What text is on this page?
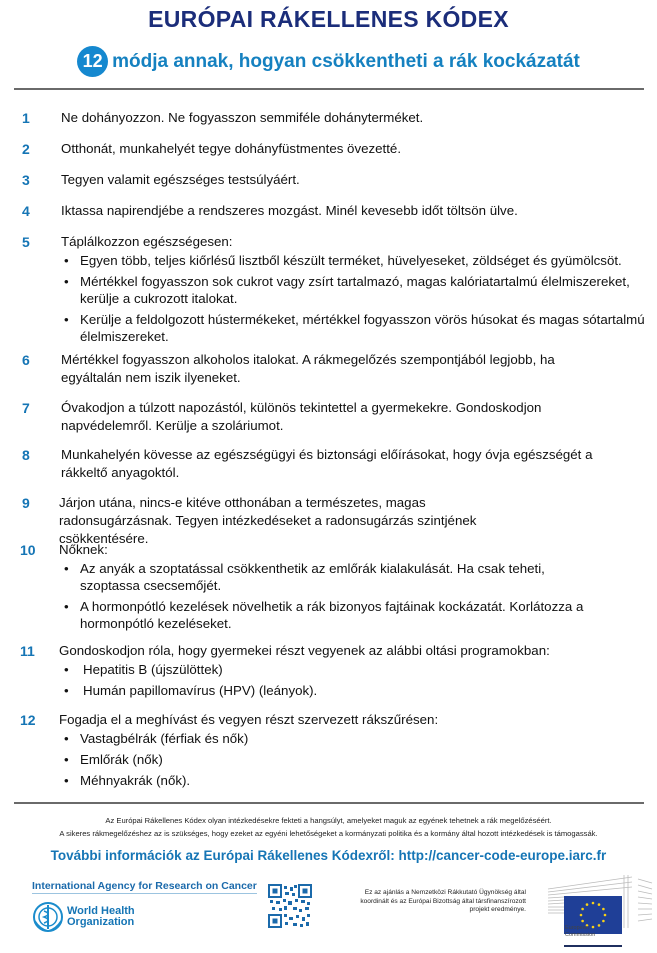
EURÓPAI RÁKELLENES KÓDEX
12 módja annak, hogyan csökkentheti a rák kockázatát
1 Ne dohányozzon. Ne fogyasszon semmiféle dohányterméket.
2 Otthonát, munkahelyét tegye dohányfüstmentes övezetté.
3 Tegyen valamit egészséges testsúlyáért.
4 Iktassa napirendjébe a rendszeres mozgást. Minél kevesebb időt töltsön ülve.
5 Táplálkozzon egészségesen:
• Egyen több, teljes kiőrlésű lisztből készült terméket, hüvelyeseket, zöldséget és gyümölcsöt.
• Mértékkel fogyasszon sok cukrot vagy zsírt tartalmazó, magas kalóriatartalmú élelmiszereket, kerülje a cukrozott italokat.
• Kerülje a feldolgozott hústermékeket, mértékkel fogyasszon vörös húsokat és magas sótartalmú élelmiszereket.
6 Mértékkel fogyasszon alkoholos italokat. A rákmegelőzés szempontjából legjobb, ha egyáltalán nem iszik ilyeneket.
7 Óvakodjon a túlzott napozástól, különös tekintettel a gyermekekre. Gondoskodjon napvédelemről. Kerülje a szoláriumot.
8 Munkahelyén kövesse az egészségügyi és biztonsági előírásokat, hogy óvja egészségét a rákkeltő anyagoktól.
9 Járjon utána, nincs-e kitéve otthonában a természetes, magas radonsugárzásnak. Tegyen intézkedéseket a radonsugárzás szintjének csökkentésére.
10 Nőknek:
• Az anyák a szoptatással csökkenthetik az emlőrák kialakulását. Ha csak teheti, szoptassa csecsemőjét.
• A hormonpótló kezelések növelhetik a rák bizonyos fajtáinak kockázatát. Korlátozza a hormonpótló kezeléseket.
11 Gondoskodjon róla, hogy gyermekei részt vegyenek az alábbi oltási programokban:
• Hepatitis B (újszülöttek)
• Humán papillomavírus (HPV) (leányok).
12 Fogadja el a meghívást és vegyen részt szervezett rákszűrésen:
• Vastagbélrák (férfiak és nők)
• Emlőrák (nők)
• Méhnyakrák (nők).
Az Európai Rákellenes Kódex olyan intézkedésekre fekteti a hangsúlyt, amelyeket maguk az egyének tehetnek a rák megelőzéséért.
A sikeres rákmegelőzéshez az is szükséges, hogy ezeket az egyéni lehetőségeket a kormányzati politika és a kormány által hozott intézkedések is támogassák.
További információk az Európai Rákellenes Kódexről: http://cancer-code-europe.iarc.fr
International Agency for Research on Cancer
World Health
Organization
Ez az ajánlás a Nemzetközi Rákkutató Ügynökség által koordinált és az Európai Bizottság által társfinanszírozott projekt eredménye.
European
Commission
